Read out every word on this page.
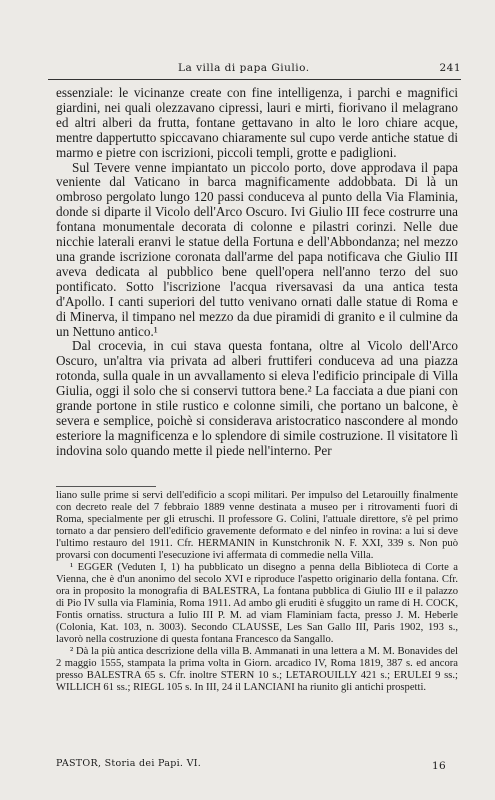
La villa di papa Giulio.	241

essenziale: le vicinanze create con fine intelligenza, i parchi e magnifici giardini, nei quali olezzavano cipressi, lauri e mirti, fiorivano il melagrano ed altri alberi da frutta, fontane gettavano in alto le loro chiare acque, mentre dappertutto spiccavano chiaramente sul cupo verde antiche statue di marmo e pietre con iscrizioni, piccoli templi, grotte e padiglioni.

Sul Tevere venne impiantato un piccolo porto, dove approdava il papa veniente dal Vaticano in barca magnificamente addobbata. Di là un ombroso pergolato lungo 120 passi conduceva al punto della Via Flaminia, donde si diparte il Vicolo dell'Arco Oscuro. Ivi Giulio III fece costrurre una fontana monumentale decorata di colonne e pilastri corinzi. Nelle due nicchie laterali eranvi le statue della Fortuna e dell'Abbondanza; nel mezzo una grande iscrizione coronata dall'arme del papa notificava che Giulio III aveva dedicata al pubblico bene quell'opera nell'anno terzo del suo pontificato. Sotto l'iscrizione l'acqua riversavasi da una antica testa d'Apollo. I canti superiori del tutto venivano ornati dalle statue di Roma e di Minerva, il timpano nel mezzo da due piramidi di granito e il culmine da un Nettuno antico.¹

Dal crocevia, in cui stava questa fontana, oltre al Vicolo dell'Arco Oscuro, un'altra via privata ad alberi fruttiferi conduceva ad una piazza rotonda, sulla quale in un avvallamento si eleva l'edificio principale di Villa Giulia, oggi il solo che si conservi tuttora bene.² La facciata a due piani con grande portone in stile rustico e colonne simili, che portano un balcone, è severa e semplice, poichè si considerava aristocratico nascondere al mondo esteriore la magnificenza e lo splendore di simile costruzione. Il visitatore lì indovina solo quando mette il piede nell'interno. Per

liano sulle prime si servì dell'edificio a scopi militari. Per impulso del Letarouilly finalmente con decreto reale del 7 febbraio 1889 venne destinata a museo per i ritrovamenti fuori di Roma, specialmente per gli etruschi. Il professore G. Colini, l'attuale direttore, s'è pel primo tornato a dar pensiero dell'edificio gravemente deformato e del ninfeo in rovina: a lui si deve l'ultimo restauro del 1911. Cfr. HERMANIN in Kunstchronik N. F. XXI, 339 s. Non può provarsi con documenti l'esecuzione ivi affermata di commedie nella Villa.

¹ EGGER (Veduten I, 1) ha pubblicato un disegno a penna della Biblioteca di Corte a Vienna, che è d'un anonimo del secolo XVI e riproduce l'aspetto originario della fontana. Cfr. ora in proposito la monografia di BALESTRA, La fontana pubblica di Giulio III e il palazzo di Pio IV sulla via Flaminia, Roma 1911. Ad ambo gli eruditi è sfuggito un rame di H. COCK, Fontis ornatiss. structura a Iulio III P. M. ad viam Flaminiam facta, presso J. M. Heberle (Colonia, Kat. 103, n. 3003). Secondo CLAUSSE, Les San Gallo III, Paris 1902, 193 s., lavorò nella costruzione di questa fontana Francesco da Sangallo.

² Dà la più antica descrizione della villa B. Ammanati in una lettera a M. M. Bonavides del 2 maggio 1555, stampata la prima volta in Giorn. arcadico IV, Roma 1819, 387 s. ed ancora presso BALESTRA 65 s. Cfr. inoltre STERN 10 s.; LETAROUILLY 421 s.; ERULEI 9 ss.; WILLICH 61 ss.; RIEGL 105 s. In III, 24 il LANCIANI ha riunito gli antichi prospetti.

PASTOR, Storia dei Papi. VI.	16
